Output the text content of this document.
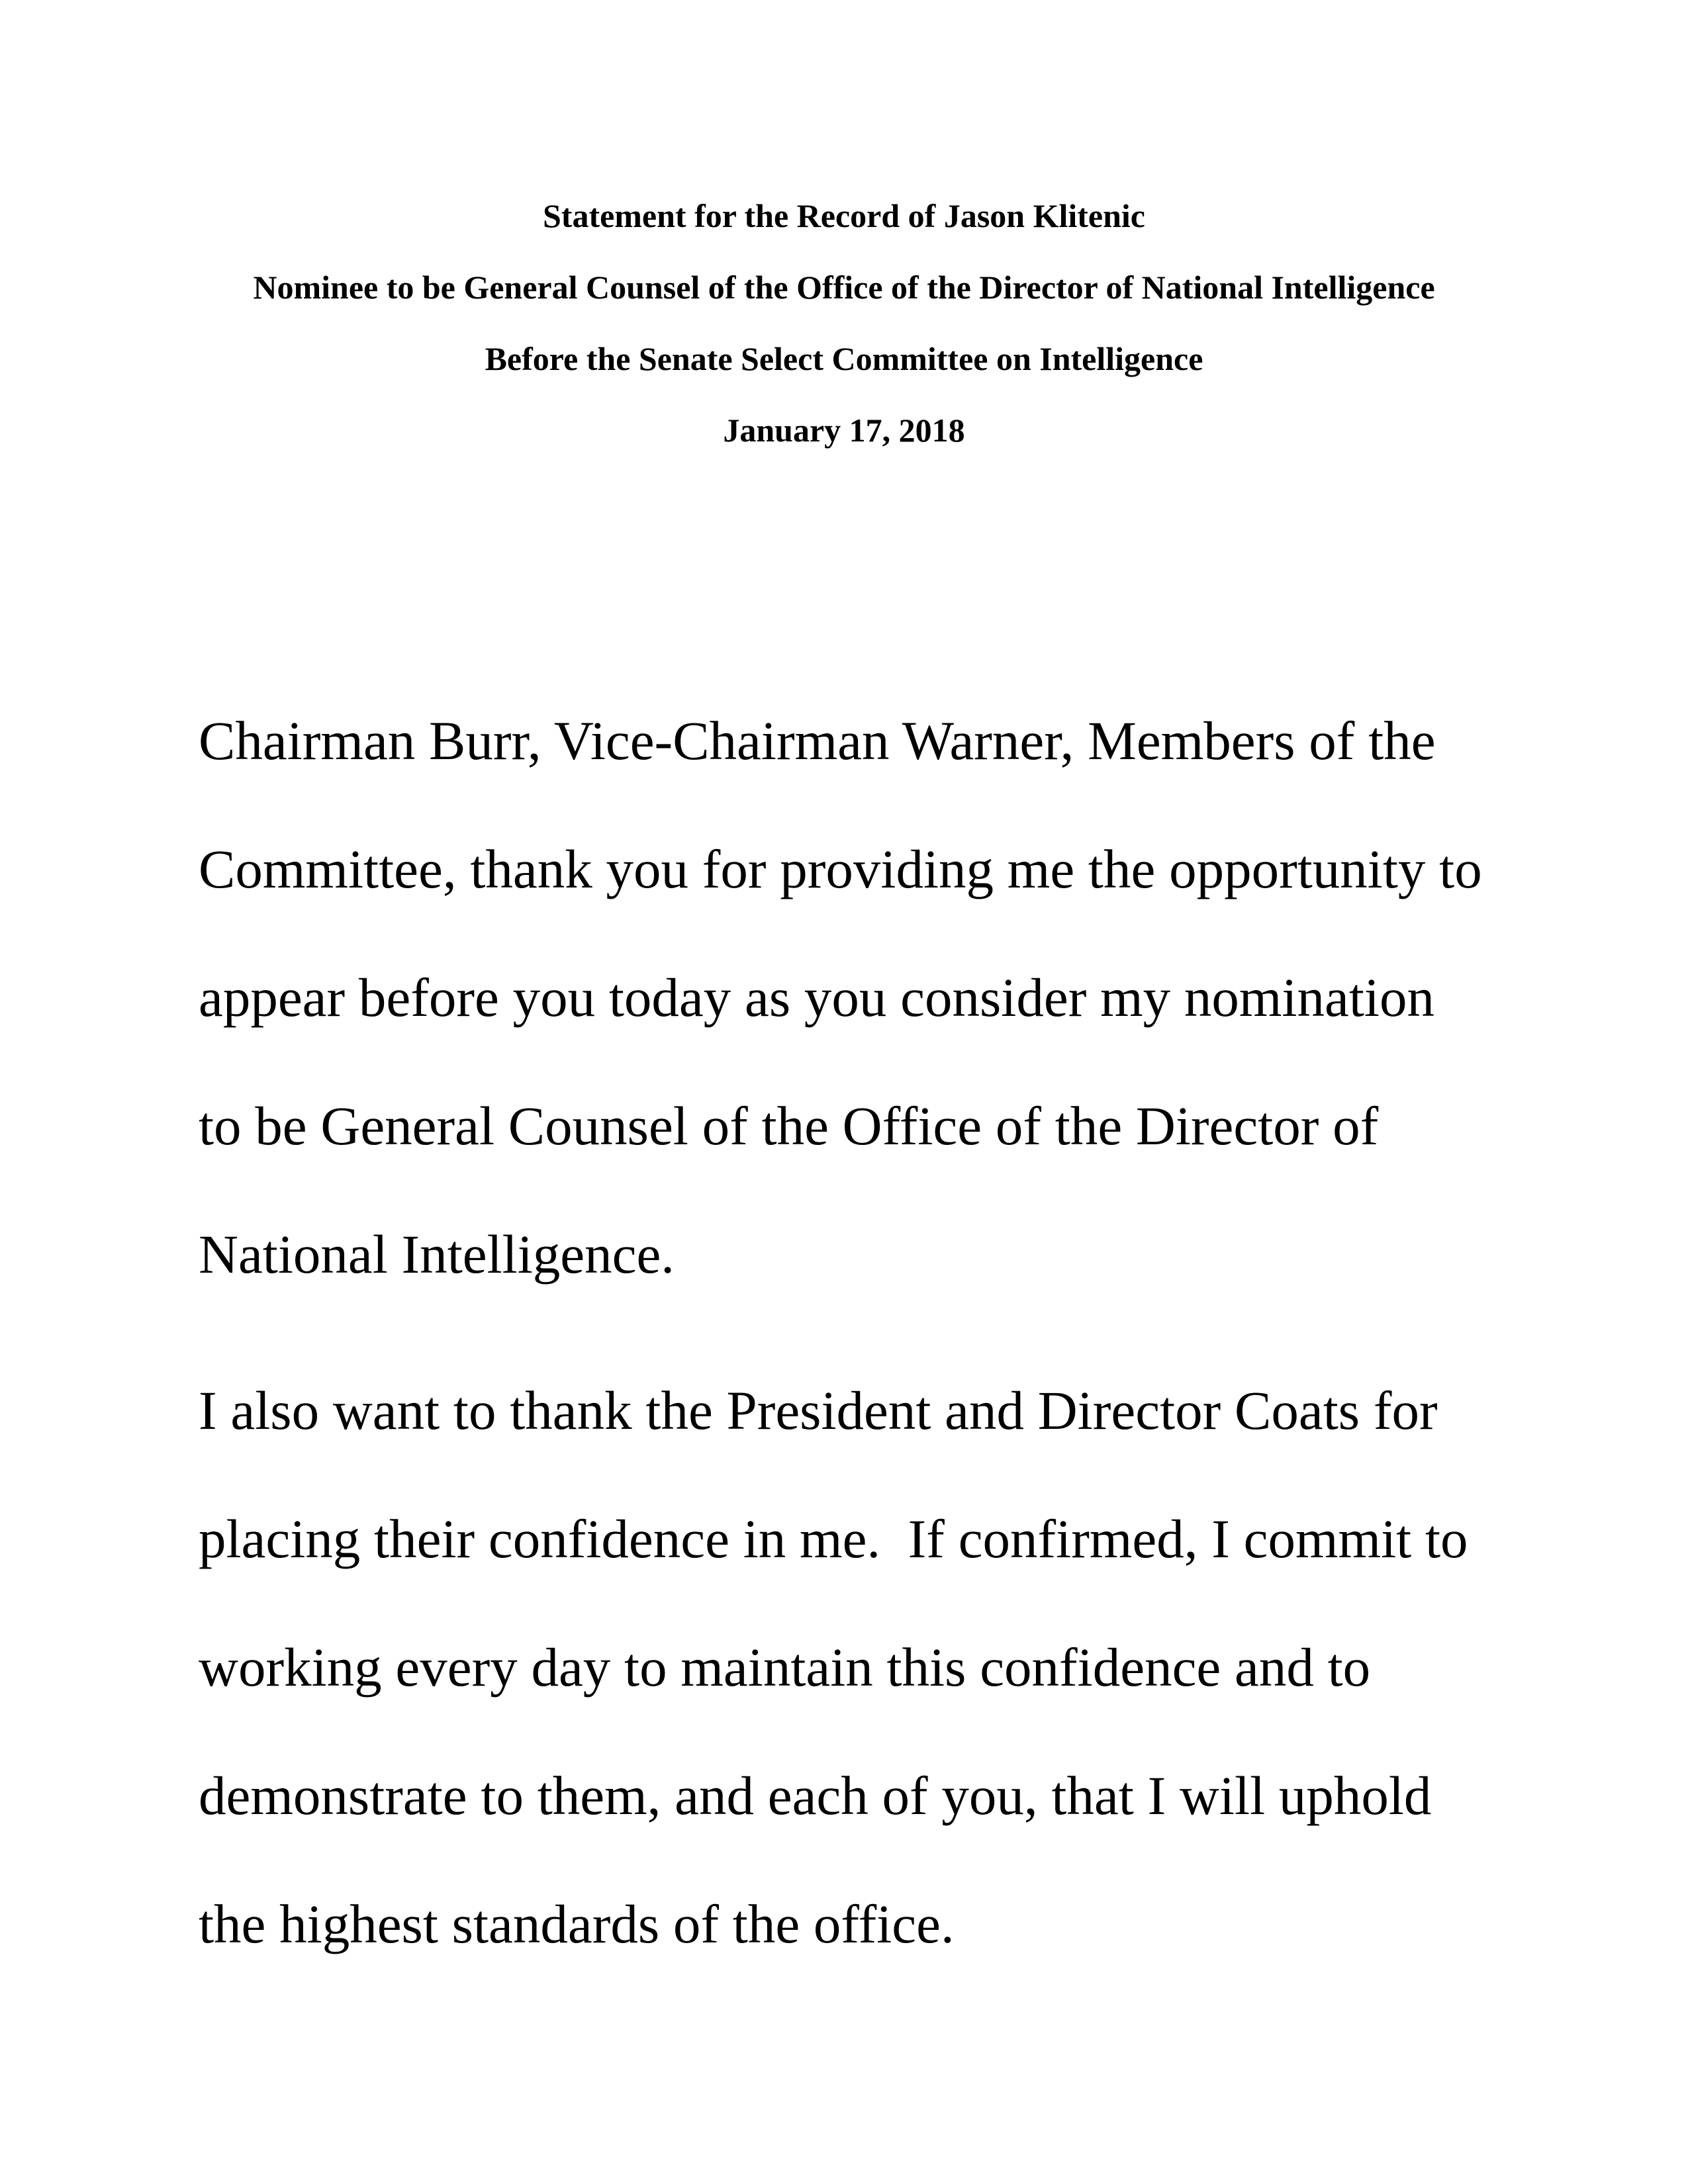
Statement for the Record of Jason Klitenic
Nominee to be General Counsel of the Office of the Director of National Intelligence
Before the Senate Select Committee on Intelligence
January 17, 2018
Chairman Burr, Vice-Chairman Warner, Members of the
Committee, thank you for providing me the opportunity to
appear before you today as you consider my nomination
to be General Counsel of the Office of the Director of
National Intelligence.
I also want to thank the President and Director Coats for
placing their confidence in me.  If confirmed, I commit to
working every day to maintain this confidence and to
demonstrate to them, and each of you, that I will uphold
the highest standards of the office.
